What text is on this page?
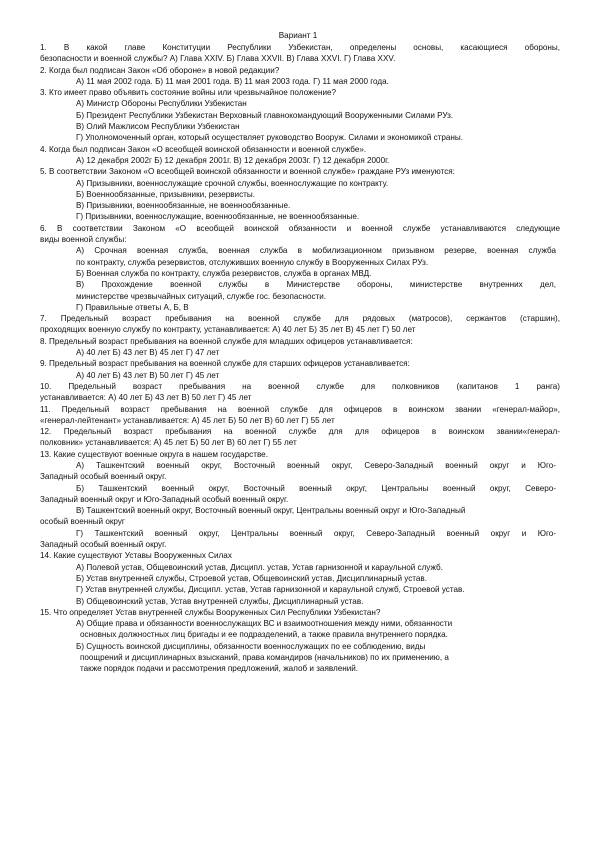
Вариант 1

1. В какой главе Конституции Республики Узбекистан, определены основы, касающиеся обороны,

безопасности и военной службы? А) Глава XXIV. Б) Глава XXVII. В) Глава XXVI. Г) Глава XXV.

2. Когда был подписан Закон «Об обороне» в новой редакции?

А) 11 мая 2002 года. Б) 11 мая 2001 года. В) 11 мая 2003 года. Г) 11 мая 2000 года.

3. Кто имеет право объявить состояние войны или чрезвычайное положение?

А) Министр Обороны Республики Узбекистан

Б) Президент Республики Узбекистан Верховный главнокомандующий Вооруженными Силами РУз.

В) Олий Мажлисом Республики Узбекистан

Г) Уполномоченный орган, который осуществляет руководство Вооруж. Силами и экономикой страны.

4. Когда был подписан Закон «О всеобщей воинской обязанности и военной службе».

А) 12 декабря 2002г Б) 12 декабря 2001г. В) 12 декабря 2003г. Г) 12 декабря 2000г.

5. В соответствии Законом «О всеобщей воинской обязанности и военной службе» граждане РУз именуются:

А) Призывники, военнослужащие срочной службы, военнослужащие по контракту.

Б) Военнообязанные, призывники, резервисты.

В) Призывники, военнообязанные, не военнообязанные.

Г) Призывники, военнослужащие, военнообязанные, не военнообязанные.

6. В соответствии Законом «О всеобщей воинской обязанности и военной службе устанавливаются следующие

виды военной службы:

А) Срочная военная служба, военная служба в мобилизационном призывном резерве, военная служба

по контракту, служба резервистов, отслуживших военную службу в Вооруженных Силах РУз.

Б) Военная служба по контракту, служба резервистов, служба в органах МВД.

В) Прохождение военной службы в Министерстве обороны, министерстве внутренних дел,

министерстве чрезвычайных ситуаций, службе гос. безопасности.

Г) Правильные ответы А, Б, В

7. Предельный возраст пребывания на военной службе для рядовых (матросов), сержантов (старшин),

проходящих военную службу по контракту, устанавливается: А) 40 лет Б) 35 лет В) 45 лет Г) 50 лет

8. Предельный возраст пребывания на военной службе для младших офицеров устанавливается:

А) 40 лет Б) 43 лет В) 45 лет Г) 47 лет

9. Предельный возраст пребывания на военной службе для старших офицеров устанавливается:

А) 40 лет Б) 43 лет В) 50 лет Г) 45 лет

10. Предельный возраст пребывания на военной службе для полковников (капитанов 1 ранга)

устанавливается: А) 40 лет Б) 43 лет В) 50 лет Г) 45 лет

11. Предельный возраст пребывания на военной службе для офицеров в воинском звании «генерал-майор»,

«генерал-лейтенант» устанавливается: А) 45 лет Б) 50 лет В) 60 лет Г) 55 лет

12. Предельный возраст пребывания на военной службе для для офицеров в воинском звании«генерал-

полковник» устанавливается: А) 45 лет Б) 50 лет В) 60 лет Г) 55 лет

13. Какие существуют военные округа в нашем государстве.

А) Ташкентский военный округ, Восточный военный округ, Северо-Западный военный округ и Юго-

Западный особый военный округ.

Б) Ташкентский военный округ, Восточный военный округ, Центральны военный округ, Северо-

Западный военный округ и Юго-Западный особый военный округ.

В) Ташкентский военный округ, Восточный военный округ, Центральны военный округ и Юго-Западный

особый военный округ

Г) Ташкентский военный округ, Центральны военный округ, Северо-Западный военный округ и Юго-

Западный особый военный округ.

14. Какие существуют Уставы Вооруженных Силах

А) Полевой устав, Общевоинский устав, Дисципл. устав, Устав гарнизонной и караульной служб.

Б) Устав внутренней службы, Строевой устав, Общевоинский устав, Дисциплинарный устав.

Г) Устав внутренней службы, Дисципл. устав, Устав гарнизонной и караульной служб, Строевой устав.

В) Общевоинский устав, Устав внутренней службы, Дисциплинарный устав.

15. Что определяет Устав внутренней службы Вооруженных Сил Республики Узбекистан?

А) Общие права и обязанности военнослужащих ВС и взаимоотношения между ними, обязанности

основных должностных лиц бригады и ее подразделений, а также правила внутреннего порядка.

Б) Сущность воинской дисциплины, обязанности военнослужащих по ее соблюдению, виды

поощрений и дисциплинарных взысканий, права командиров (начальников) по их применению, а

также порядок подачи и рассмотрения предложений, жалоб и заявлений.
